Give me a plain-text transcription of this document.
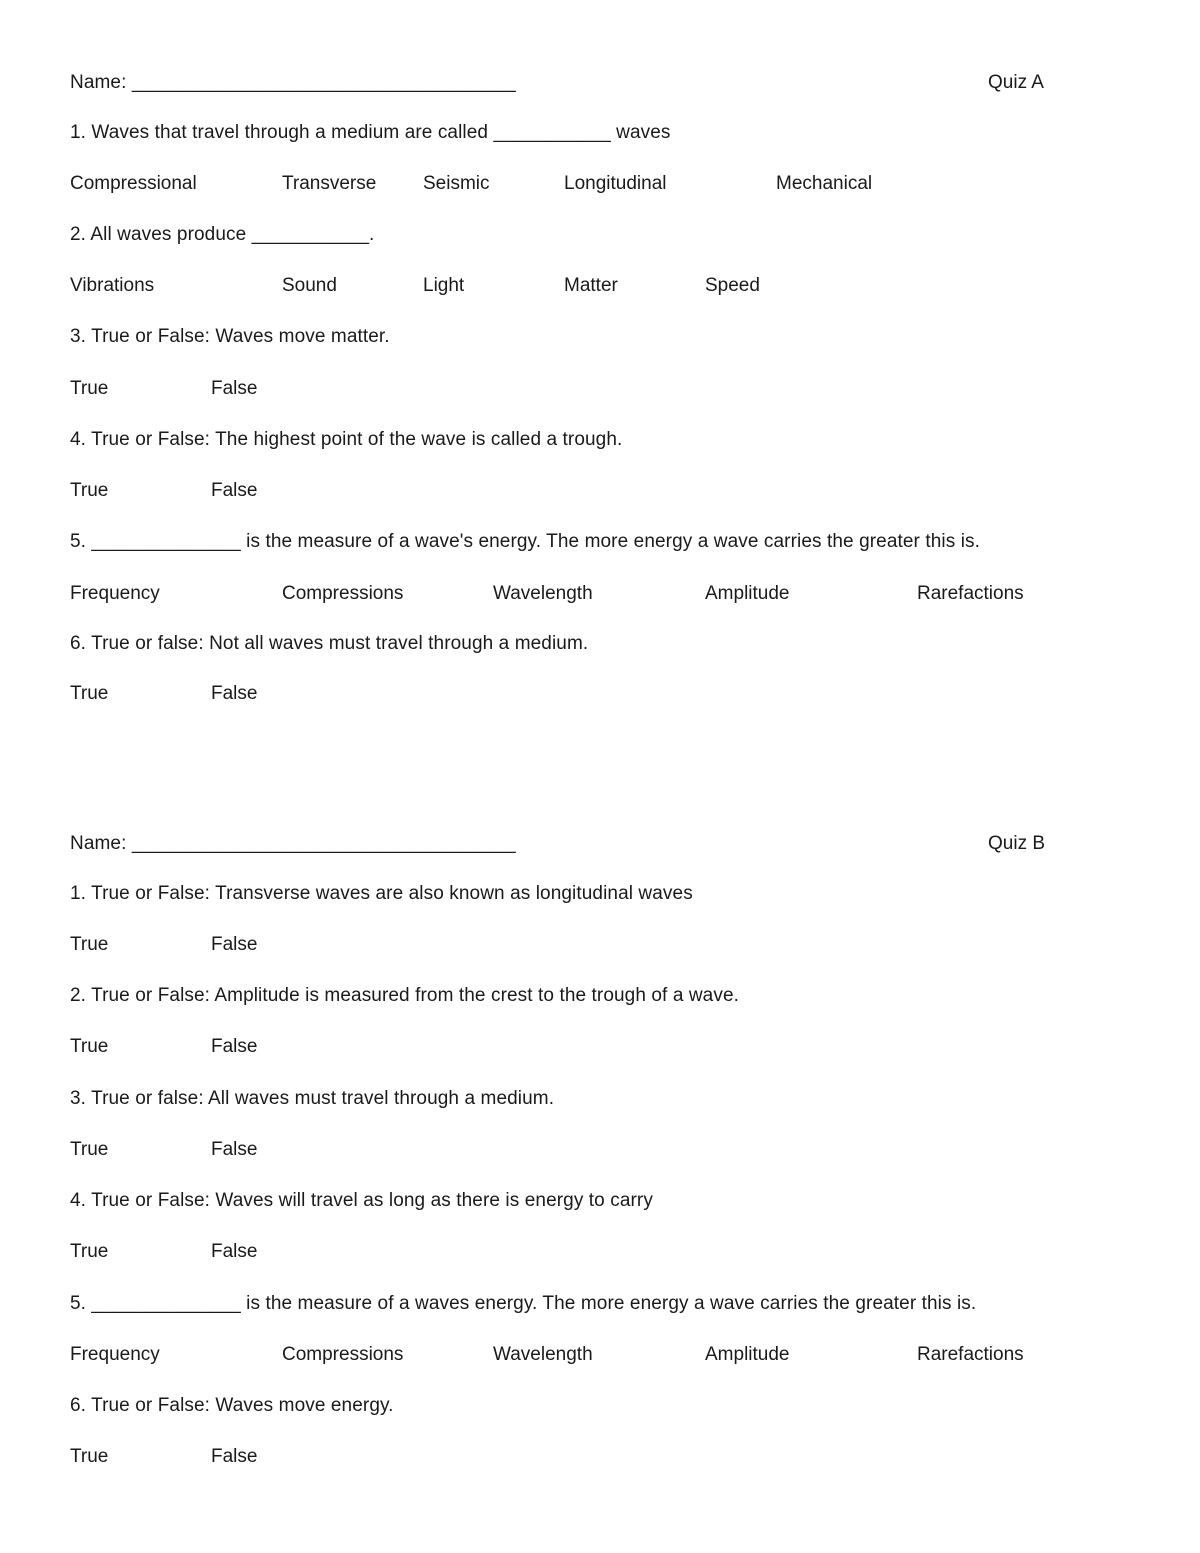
Name: ____________________________________	Quiz A
1. Waves that travel through a medium are called ___________ waves
Compressional	Transverse Seismic	Longitudinal	Mechanical
2. All waves produce ___________.
Vibrations	Sound	Light	Matter	Speed
3. True or False: Waves move matter.
True	False
4. True or False: The highest point of the wave is called a trough.
True	False
5. ______________ is the measure of a wave's energy. The more energy a wave carries the greater this is.
Frequency	Compressions	Wavelength	Amplitude	Rarefactions
6. True or false: Not all waves must travel through a medium.
True	False
Name: ____________________________________	Quiz B
1. True or False: Transverse waves are also known as longitudinal waves
True	False
2. True or False: Amplitude is measured from the crest to the trough of a wave.
True	False
3. True or false: All waves must travel through a medium.
True	False
4. True or False: Waves will travel as long as there is energy to carry
True	False
5. ______________ is the measure of a waves energy. The more energy a wave carries the greater this is.
Frequency	Compressions	Wavelength	Amplitude	Rarefactions
6. True or False: Waves move energy.
True	False
